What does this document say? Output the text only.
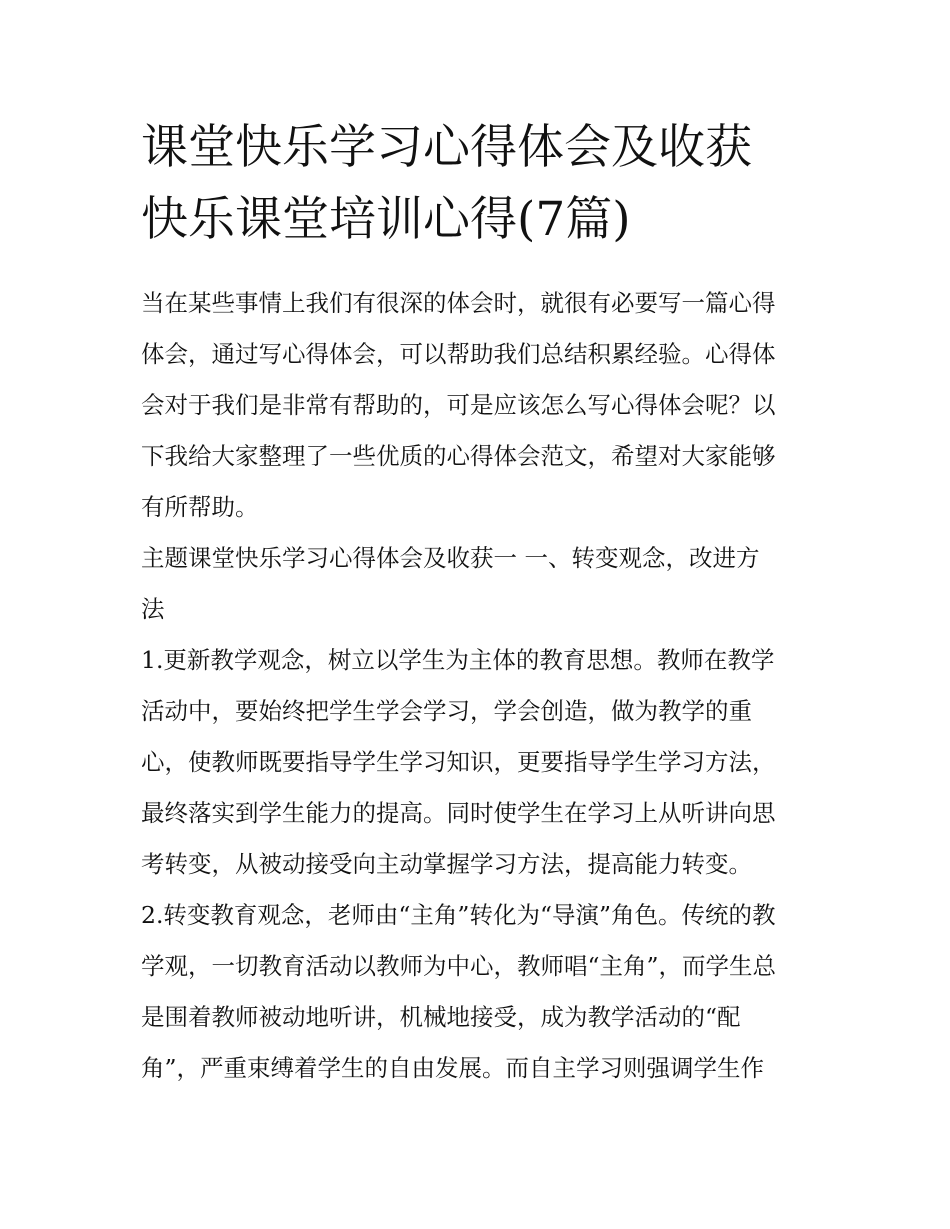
课堂快乐学习心得体会及收获
快乐课堂培训心得(7篇)
当在某些事情上我们有很深的体会时，就很有必要写一篇心得
体会，通过写心得体会，可以帮助我们总结积累经验。心得体
会对于我们是非常有帮助的，可是应该怎么写心得体会呢？以
下我给大家整理了一些优质的心得体会范文，希望对大家能够
有所帮助。
主题课堂快乐学习心得体会及收获一 一、转变观念，改进方
法
1.更新教学观念，树立以学生为主体的教育思想。教师在教学
活动中，要始终把学生学会学习，学会创造，做为教学的重
心，使教师既要指导学生学习知识，更要指导学生学习方法，
最终落实到学生能力的提高。同时使学生在学习上从听讲向思
考转变，从被动接受向主动掌握学习方法，提高能力转变。
2.转变教育观念，老师由“主角”转化为“导演”角色。传统的教
学观，一切教育活动以教师为中心，教师唱“主角”，而学生总
是围着教师被动地听讲，机械地接受，成为教学活动的“配
角”，严重束缚着学生的自由发展。而自主学习则强调学生作
